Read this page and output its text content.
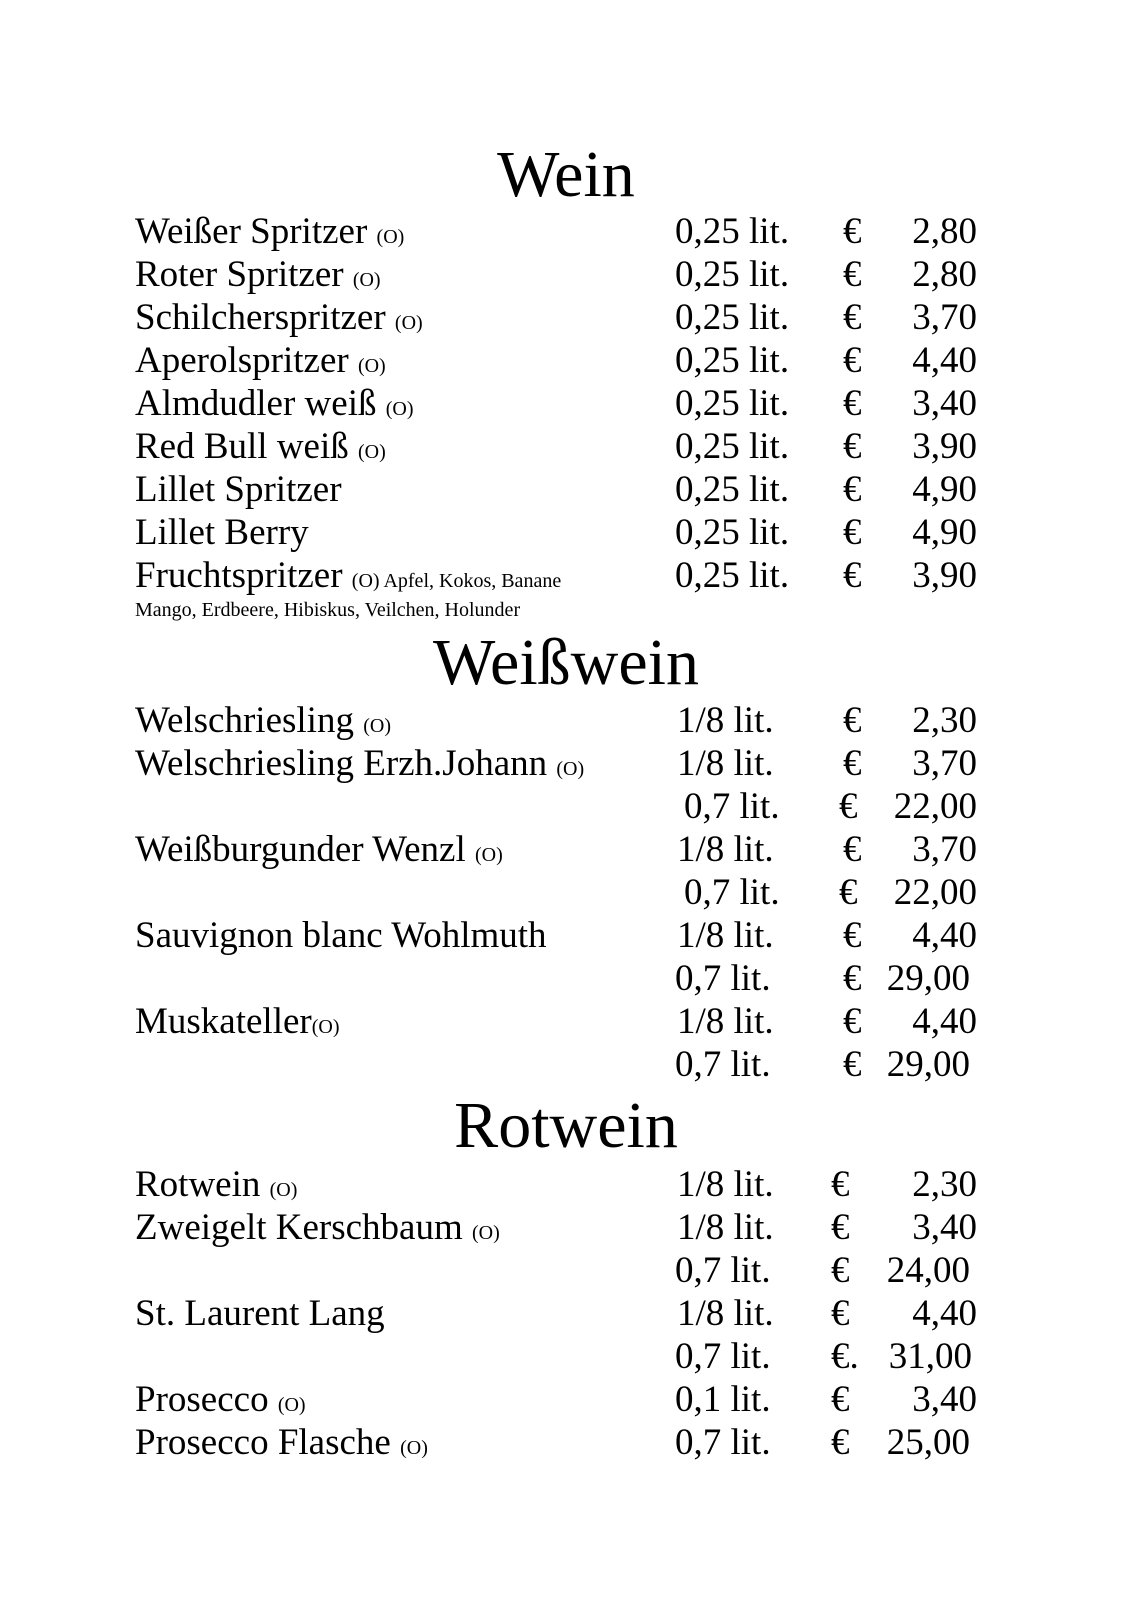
Wein
Weißer Spritzer (O)	0,25 lit. € 2,80
Roter Spritzer (O)	0,25 lit. € 2,80
Schilcherspritzer (O)	0,25 lit. € 3,70
Aperolspritzer (O)	0,25 lit. € 4,40
Almdudler weiß (O)	0,25 lit. € 3,40
Red Bull weiß (O)	0,25 lit. € 3,90
Lillet Spritzer	0,25 lit. € 4,90
Lillet Berry	0,25 lit. € 4,90
Fruchtspritzer (O) Apfel, Kokos, Banane	0,25 lit. € 3,90
Mango, Erdbeere, Hibiskus, Veilchen, Holunder
Weißwein
Welschriesling (O)	1/8 lit. € 2,30
Welschriesling Erzh.Johann (O)	1/8 lit. € 3,70
0,7 lit. € 22,00
Weißburgunder Wenzl (O)	1/8 lit. € 3,70
0,7 lit. € 22,00
Sauvignon blanc Wohlmuth	1/8 lit. € 4,40
0,7 lit. € 29,00
Muskateller(O)	1/8 lit. € 4,40
0,7 lit. € 29,00
Rotwein
Rotwein (O)	1/8 lit. € 2,30
Zweigelt Kerschbaum (O)	1/8 lit. € 3,40
0,7 lit. € 24,00
St. Laurent Lang	1/8 lit. € 4,40
0,7 lit. €. 31,00
Prosecco (O)	0,1 lit. € 3,40
Prosecco Flasche (O)	0,7 lit. € 25,00
